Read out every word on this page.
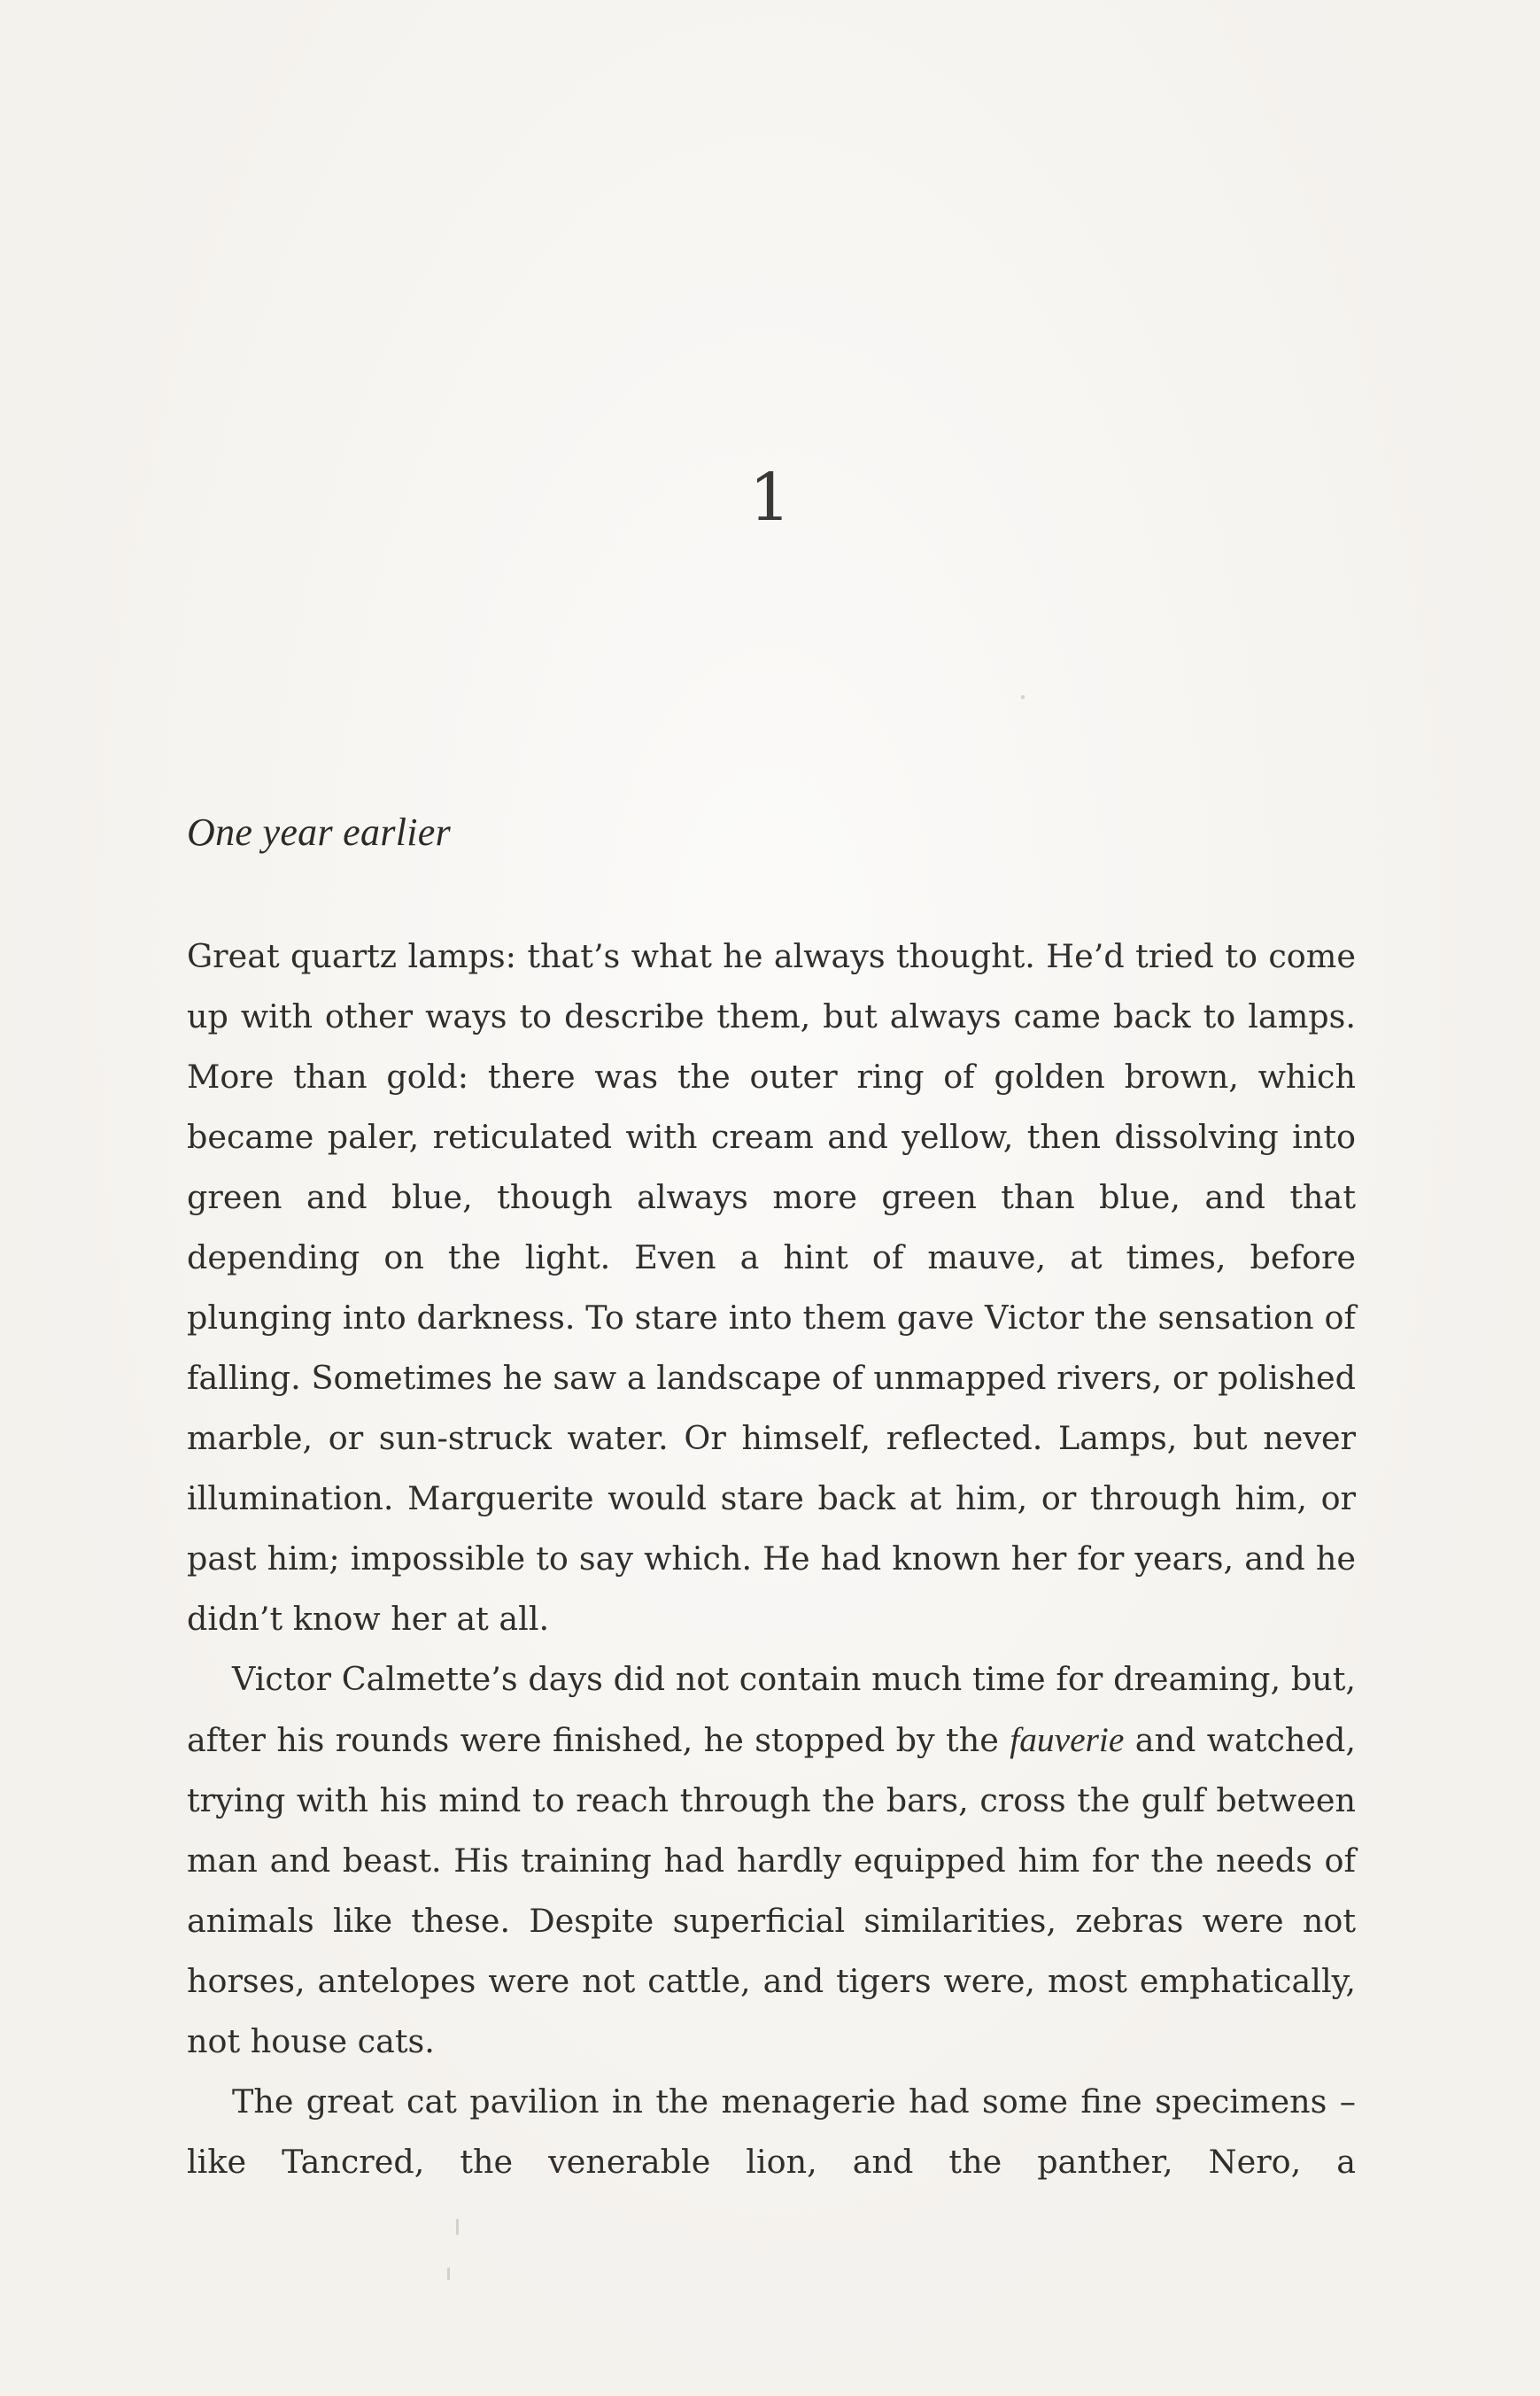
1
One year earlier

Great quartz lamps: that’s what he always thought. He’d tried to come up with other ways to describe them, but always came back to lamps. More than gold: there was the outer ring of golden brown, which became paler, reticulated with cream and yellow, then dissolving into green and blue, though always more green than blue, and that depending on the light. Even a hint of mauve, at times, before plunging into darkness. To stare into them gave Victor the sensation of falling. Sometimes he saw a landscape of unmapped rivers, or polished marble, or sun-struck water. Or himself, reflected. Lamps, but never illumination. Marguerite would stare back at him, or through him, or past him; impossible to say which. He had known her for years, and he didn’t know her at all.

Victor Calmette’s days did not contain much time for dreaming, but, after his rounds were finished, he stopped by the fauverie and watched, trying with his mind to reach through the bars, cross the gulf between man and beast. His training had hardly equipped him for the needs of animals like these. Despite superficial similarities, zebras were not horses, antelopes were not cattle, and tigers were, most emphatically, not house cats.

The great cat pavilion in the menagerie had some fine specimens – like Tancred, the venerable lion, and the panther, Nero, a
